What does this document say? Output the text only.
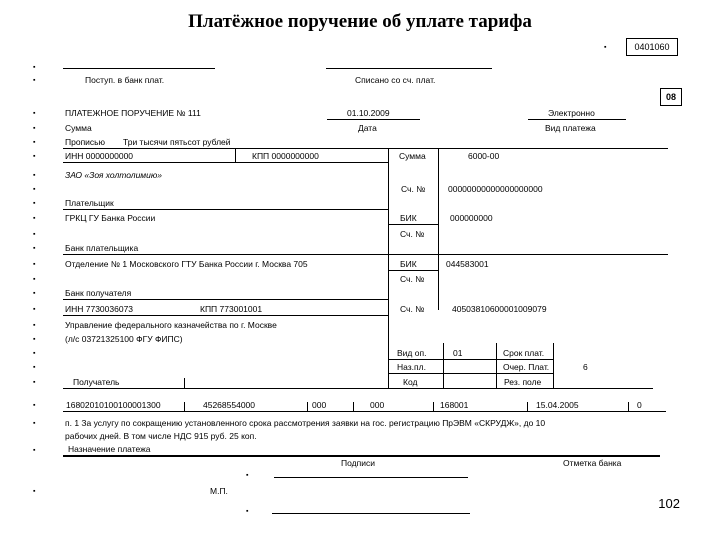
Платёжное поручение об уплате тарифа
▪	0401060
▪
▪	Поступ. в банк плат.	Списано со сч. плат.
08
▪	ПЛАТЕЖНОЕ ПОРУЧЕНИЕ № 111	01.10.2009	Электронно
▪	Сумма	Дата	Вид платежа
▪	Прописью Три тысячи пятьсот рублей
▪	ИНН 0000000000	КПП 0000000000	Сумма	6000-00
▪	ЗАО «Зоя холтолимию»
▪	Сч. №	00000000000000000000
▪	Плательщик
▪	ГРКЦ ГУ Банка России	БИК	000000000
▪	Сч. №
▪	Банк плательщика
▪	Отделение № 1 Московского ГТУ Банка России г. Москва 705	БИК	044583001
▪	Сч. №
▪	Банк получателя
▪	ИНН 7730036073	КПП 773001001	Сч. №	40503810600001009079
▪	Управление федерального казначейства по г. Москве
▪	(л/с 03721325100 ФГУ ФИПС)
▪	Вид оп.	01	Срок плат.
▪	Наз.пл.	Очер. Плат.	6
▪	Получатель	Код	Рез. поле
▪	16802010100100001300	45268554000	000	000	168001	15.04.2005	0
▪	п. 1 За услугу по сокращению установленного срока рассмотрения заявки на гос. регистрацию ПрЭВМ «СКРУДЖ», до 10
рабочих дней. В том числе НДС 915 руб. 25 коп.
▪	Назначение платежа
Подписи	Отметка банка
▪
▪	М.П.
▪
102
